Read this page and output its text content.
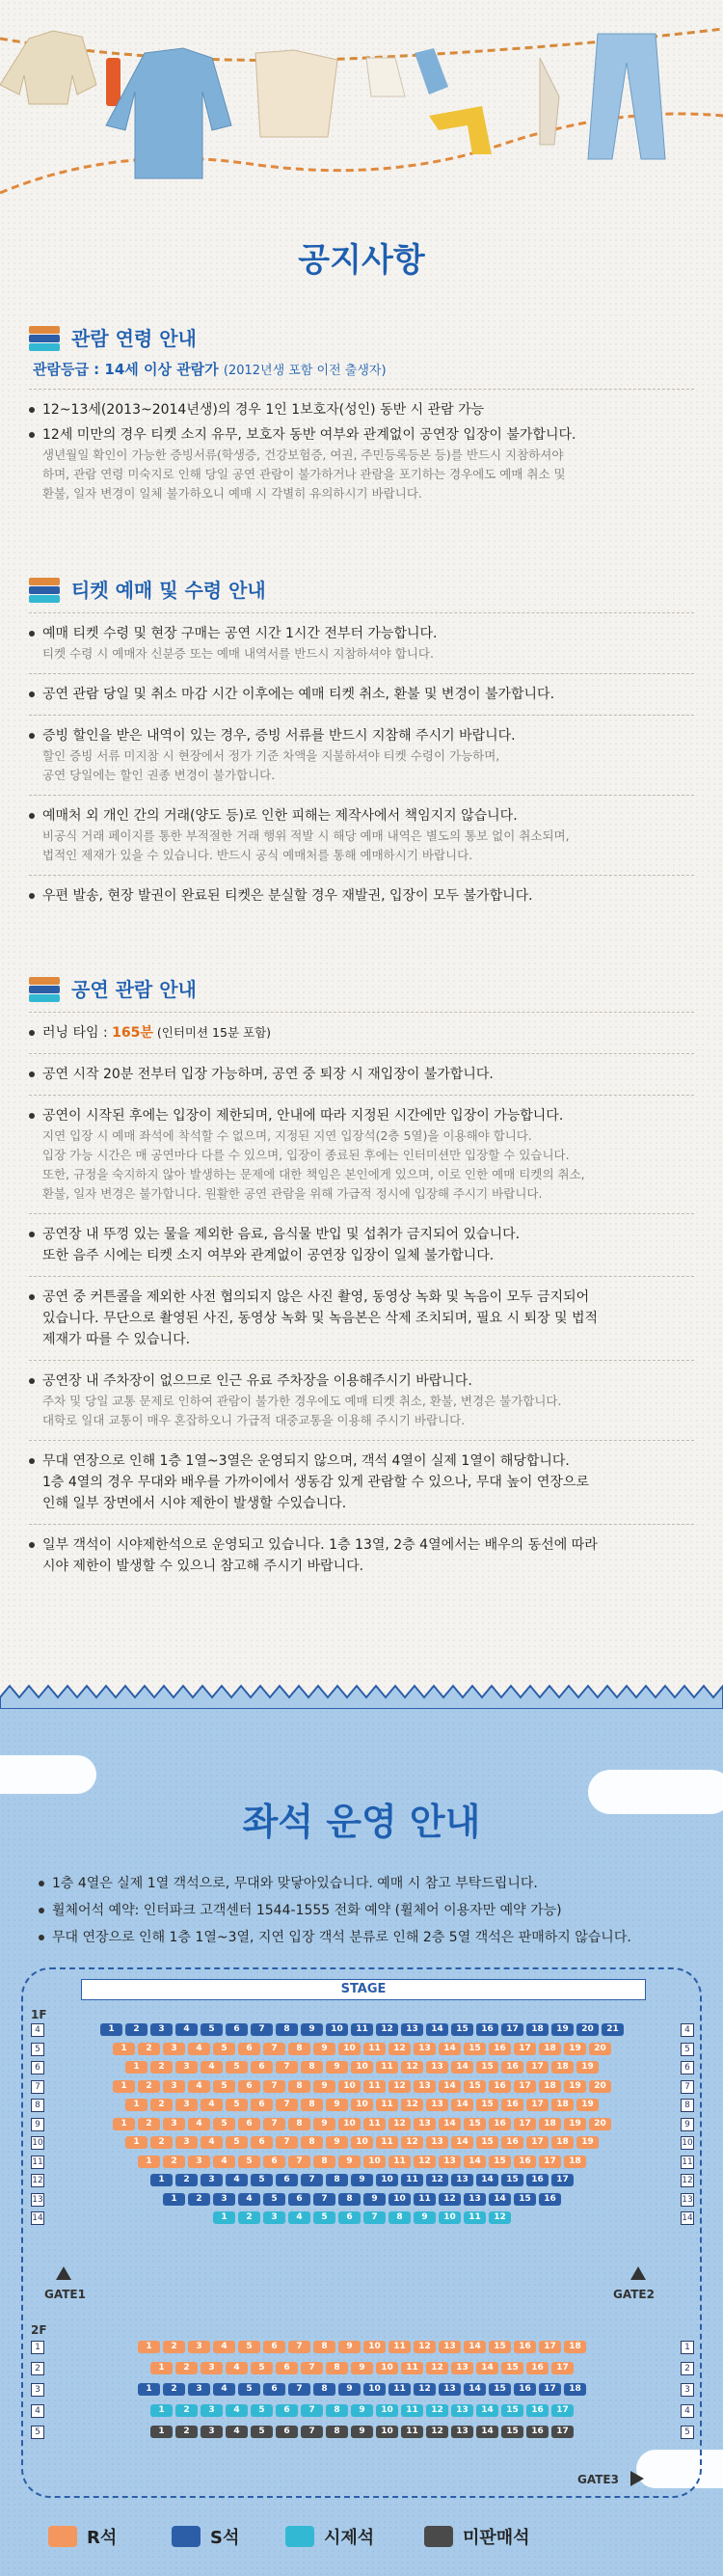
공지사항
관람 연령 안내
관람등급 : 14세 이상 관람가 (2012년생 포함 이전 출생자)
12~13세(2013~2014년생)의 경우 1인 1보호자(성인) 동반 시 관람 가능
12세 미만의 경우 티켓 소지 유무, 보호자 동반 여부와 관계없이 공연장 입장이 불가합니다.
생년월일 확인이 가능한 증빙서류(학생증, 건강보험증, 여권, 주민등록등본 등)를 반드시 지참하셔야
하며, 관람 연령 미숙지로 인해 당일 공연 관람이 불가하거나 관람을 포기하는 경우에도 예매 취소 및
환불, 일자 변경이 일체 불가하오니 예매 시 각별히 유의하시기 바랍니다.
티켓 예매 및 수령 안내
예매 티켓 수령 및 현장 구매는 공연 시간 1시간 전부터 가능합니다.
티켓 수령 시 예매자 신분증 또는 예매 내역서를 반드시 지참하셔야 합니다.
공연 관람 당일 및 취소 마감 시간 이후에는 예매 티켓 취소, 환불 및 변경이 불가합니다.
증빙 할인을 받은 내역이 있는 경우, 증빙 서류를 반드시 지참해 주시기 바랍니다.
할인 증빙 서류 미지참 시 현장에서 정가 기준 차액을 지불하셔야 티켓 수령이 가능하며,
공연 당일에는 할인 권종 변경이 불가합니다.
예매처 외 개인 간의 거래(양도 등)로 인한 피해는 제작사에서 책임지지 않습니다.
비공식 거래 페이지를 통한 부적절한 거래 행위 적발 시 해당 예매 내역은 별도의 통보 없이 취소되며,
법적인 제재가 있을 수 있습니다. 반드시 공식 예매처를 통해 예매하시기 바랍니다.
우편 발송, 현장 발권이 완료된 티켓은 분실할 경우 재발권, 입장이 모두 불가합니다.
공연 관람 안내
러닝 타임 : 165분 (인터미션 15분 포함)
공연 시작 20분 전부터 입장 가능하며, 공연 중 퇴장 시 재입장이 불가합니다.
공연이 시작된 후에는 입장이 제한되며, 안내에 따라 지정된 시간에만 입장이 가능합니다.
지연 입장 시 예매 좌석에 착석할 수 없으며, 지정된 지연 입장석(2층 5열)을 이용해야 합니다.
입장 가능 시간은 매 공연마다 다를 수 있으며, 입장이 종료된 후에는 인터미션만 입장할 수 있습니다.
또한, 규정을 숙지하지 않아 발생하는 문제에 대한 책임은 본인에게 있으며, 이로 인한 예매 티켓의 취소,
환불, 일자 변경은 불가합니다. 원활한 공연 관람을 위해 가급적 정시에 입장해 주시기 바랍니다.
공연장 내 뚜껑 있는 물을 제외한 음료, 음식물 반입 및 섭취가 금지되어 있습니다.
또한 음주 시에는 티켓 소지 여부와 관계없이 공연장 입장이 일체 불가합니다.
공연 중 커튼콜을 제외한 사전 협의되지 않은 사진 촬영, 동영상 녹화 및 녹음이 모두 금지되어
있습니다. 무단으로 촬영된 사진, 동영상 녹화 및 녹음본은 삭제 조치되며, 필요 시 퇴장 및 법적
제재가 따를 수 있습니다.
공연장 내 주차장이 없으므로 인근 유료 주차장을 이용해주시기 바랍니다.
주차 및 당일 교통 문제로 인하여 관람이 불가한 경우에도 예매 티켓 취소, 환불, 변경은 불가합니다.
대학로 일대 교통이 매우 혼잡하오니 가급적 대중교통을 이용해 주시기 바랍니다.
무대 연장으로 인해 1층 1열~3열은 운영되지 않으며, 객석 4열이 실제 1열이 해당합니다.
1층 4열의 경우 무대와 배우를 가까이에서 생동감 있게 관람할 수 있으나, 무대 높이 연장으로
인해 일부 장면에서 시야 제한이 발생할 수있습니다.
일부 객석이 시야제한석으로 운영되고 있습니다. 1층 13열, 2층 4열에서는 배우의 동선에 따라
시야 제한이 발생할 수 있으니 참고해 주시기 바랍니다.
좌석 운영 안내
1층 4열은 실제 1열 객석으로, 무대와 맞닿아있습니다. 예매 시 참고 부탁드립니다.
휠체어석 예약: 인터파크 고객센터 1544-1555 전화 예약 (휠체어 이용자만 예약 가능)
무대 연장으로 인해 1층 1열~3열, 지연 입장 객석 분류로 인해 2층 5열 객석은 판매하지 않습니다.
STAGE
1F
2F
GATE1	GATE2
GATE3
1	2	3	4	5	6	7	8	9	10	11	12	13	14	15	16	17	18	19	20	21
4	4
1	2	3	4	5	6	7	8	9	10	11	12	13	14	15	16	17	18	19	20
5	5
1	2	3	4	5	6	7	8	9	10	11	12	13	14	15	16	17	18	19
6	6
1	2	3	4	5	6	7	8	9	10	11	12	13	14	15	16	17	18	19	20
7	7
1	2	3	4	5	6	7	8	9	10	11	12	13	14	15	16	17	18	19
8	8
1	2	3	4	5	6	7	8	9	10	11	12	13	14	15	16	17	18	19	20
9	9
1	2	3	4	5	6	7	8	9	10	11	12	13	14	15	16	17	18	19
10	10
1	2	3	4	5	6	7	8	9	10	11	12	13	14	15	16	17	18
11	11
1	2	3	4	5	6	7	8	9	10	11	12	13	14	15	16	17
12	12
1	2	3	4	5	6	7	8	9	10	11	12	13	14	15	16
13	13
1	2	3	4	5	6	7	8	9	10	11	12
14	14
1	2	3	4	5	6	7	8	9	10	11	12	13	14	15	16	17	18
1	1
1	2	3	4	5	6	7	8	9	10	11	12	13	14	15	16	17
2	2
1	2	3	4	5	6	7	8	9	10	11	12	13	14	15	16	17	18
3	3
1	2	3	4	5	6	7	8	9	10	11	12	13	14	15	16	17
4	4
1	2	3	4	5	6	7	8	9	10	11	12	13	14	15	16	17
5	5
R석	S석	시제석	미판매석
